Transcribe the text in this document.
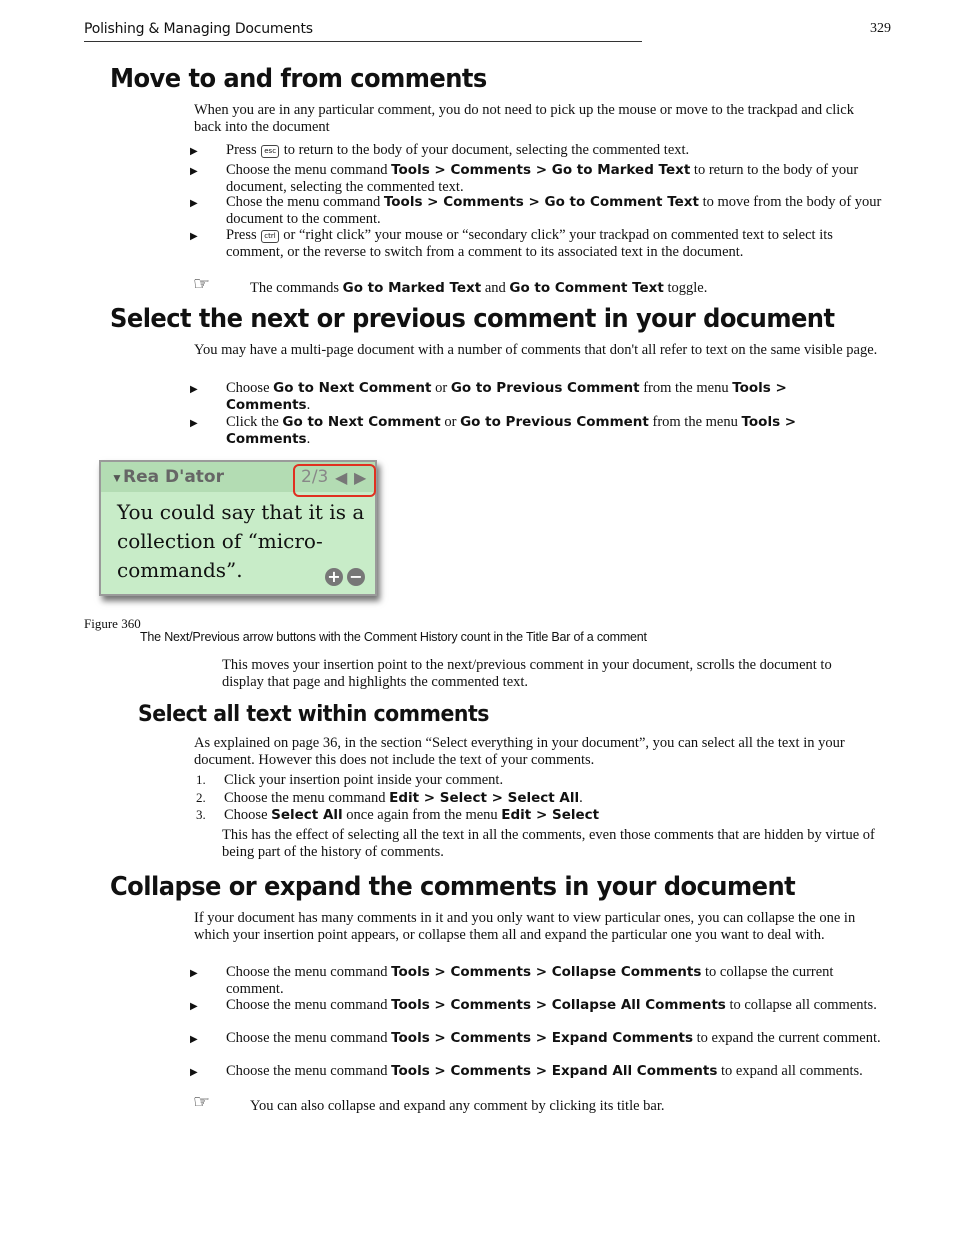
Polishing & Managing Documents	329
Move to and from comments
When you are in any particular comment, you do not need to pick up the mouse or move to the trackpad and click back into the document
▶ Press esc to return to the body of your document, selecting the commented text.
▶ Choose the menu command Tools > Comments > Go to Marked Text to return to the body of your document, selecting the commented text.
▶ Chose the menu command Tools > Comments > Go to Comment Text to move from the body of your document to the comment.
▶ Press ctrl or “right click” your mouse or “secondary click” your trackpad on commented text to select its comment, or the reverse to switch from a comment to its associated text in the document.
☞	The commands Go to Marked Text and Go to Comment Text toggle.
Select the next or previous comment in your document
You may have a multi-page document with a number of comments that don't all refer to text on the same visible page.
▶ Choose Go to Next Comment or Go to Previous Comment from the menu Tools > Comments.
▶ Click the Go to Next Comment or Go to Previous Comment from the menu Tools > Comments.
▼ Rea D'ator	2/3 ◀ ▶
You could say that it is a collection of “micro-commands”.	+ −
Figure 360
The Next/Previous arrow buttons with the Comment History count in the Title Bar of a comment
This moves your insertion point to the next/previous comment in your document, scrolls the document to display that page and highlights the commented text.
Select all text within comments
As explained on page 36, in the section “Select everything in your document”, you can select all the text in your document. However this does not include the text of your comments.
1. Click your insertion point inside your comment.
2. Choose the menu command Edit > Select > Select All.
3. Choose Select All once again from the menu Edit > Select
This has the effect of selecting all the text in all the comments, even those comments that are hidden by virtue of being part of the history of comments.
Collapse or expand the comments in your document
If your document has many comments in it and you only want to view particular ones, you can collapse the one in which your insertion point appears, or collapse them all and expand the particular one you want to deal with.
▶ Choose the menu command Tools > Comments > Collapse Comments to collapse the current comment.
▶ Choose the menu command Tools > Comments > Collapse All Comments to collapse all comments.
▶ Choose the menu command Tools > Comments > Expand Comments to expand the current comment.
▶ Choose the menu command Tools > Comments > Expand All Comments to expand all comments.
☞	You can also collapse and expand any comment by clicking its title bar.
